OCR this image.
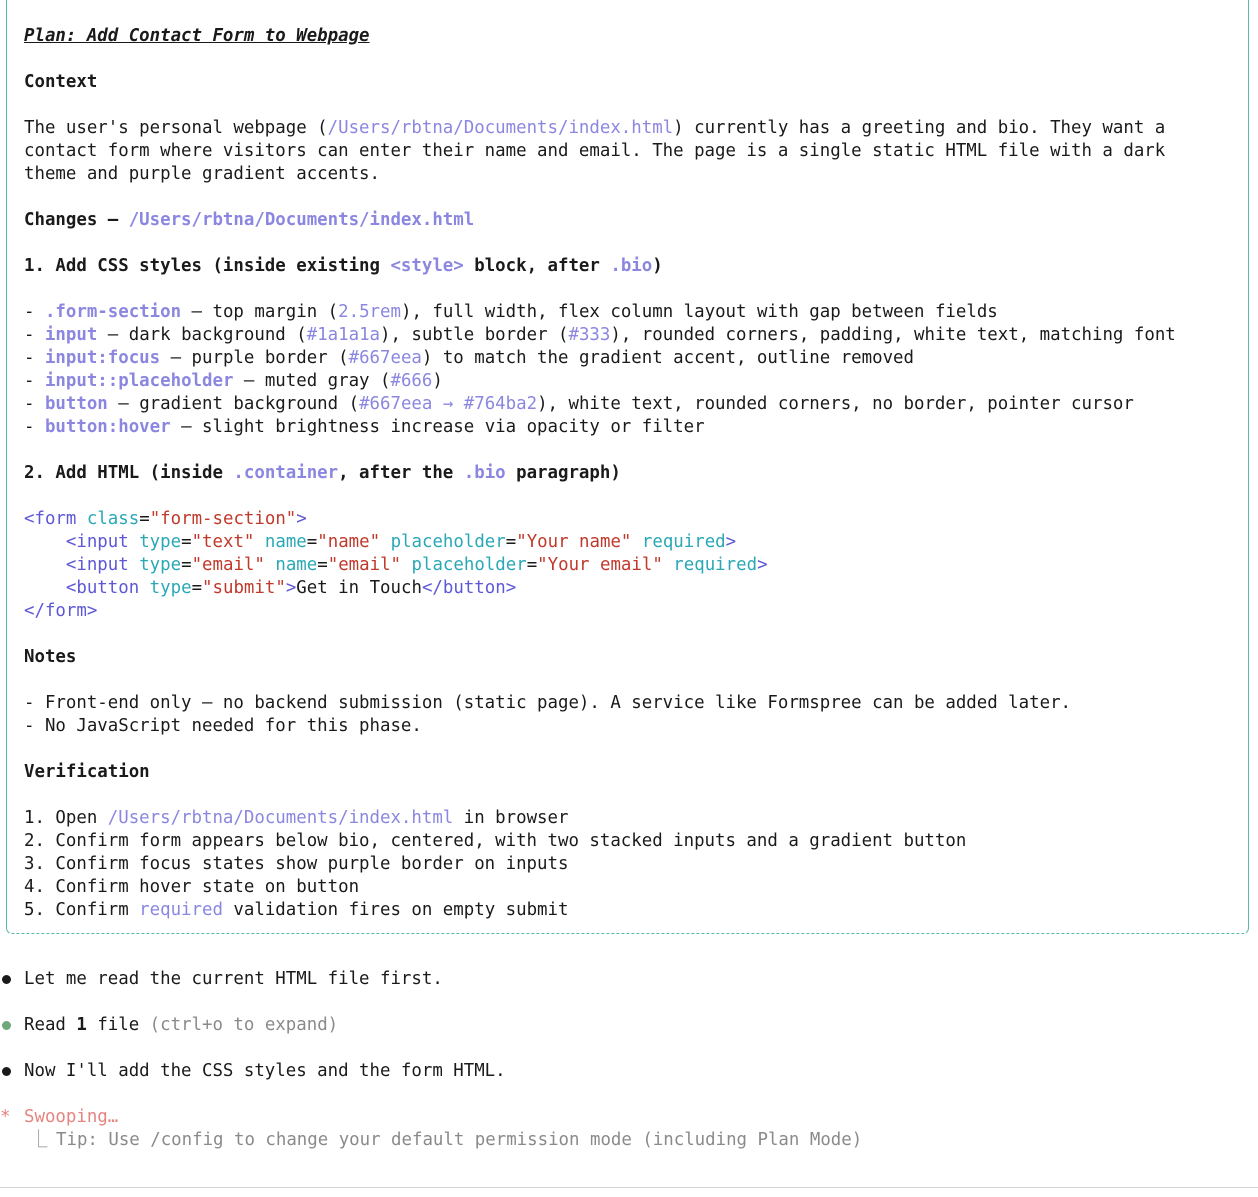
Plan: Add Contact Form to Webpage
Context
The user's personal webpage (/Users/rbtna/Documents/index.html) currently has a greeting and bio. They want a
contact form where visitors can enter their name and email. The page is a single static HTML file with a dark
theme and purple gradient accents.
Changes — /Users/rbtna/Documents/index.html
1. Add CSS styles (inside existing <style> block, after .bio)
- .form-section — top margin (2.5rem), full width, flex column layout with gap between fields
- input — dark background (#1a1a1a), subtle border (#333), rounded corners, padding, white text, matching font
- input:focus — purple border (#667eea) to match the gradient accent, outline removed
- input::placeholder — muted gray (#666)
- button — gradient background (#667eea → #764ba2), white text, rounded corners, no border, pointer cursor
- button:hover — slight brightness increase via opacity or filter
2. Add HTML (inside .container, after the .bio paragraph)
<form class="form-section">
<input type="text" name="name" placeholder="Your name" required>
<input type="email" name="email" placeholder="Your email" required>
<button type="submit">Get in Touch</button>
</form>
Notes
- Front-end only — no backend submission (static page). A service like Formspree can be added later.
- No JavaScript needed for this phase.
Verification
1. Open /Users/rbtna/Documents/index.html in browser
2. Confirm form appears below bio, centered, with two stacked inputs and a gradient button
3. Confirm focus states show purple border on inputs
4. Confirm hover state on button
5. Confirm required validation fires on empty submit
Let me read the current HTML file first.
Read 1 file (ctrl+o to expand)
Now I'll add the CSS styles and the form HTML.
* Swooping…
⎿ Tip: Use /config to change your default permission mode (including Plan Mode)
